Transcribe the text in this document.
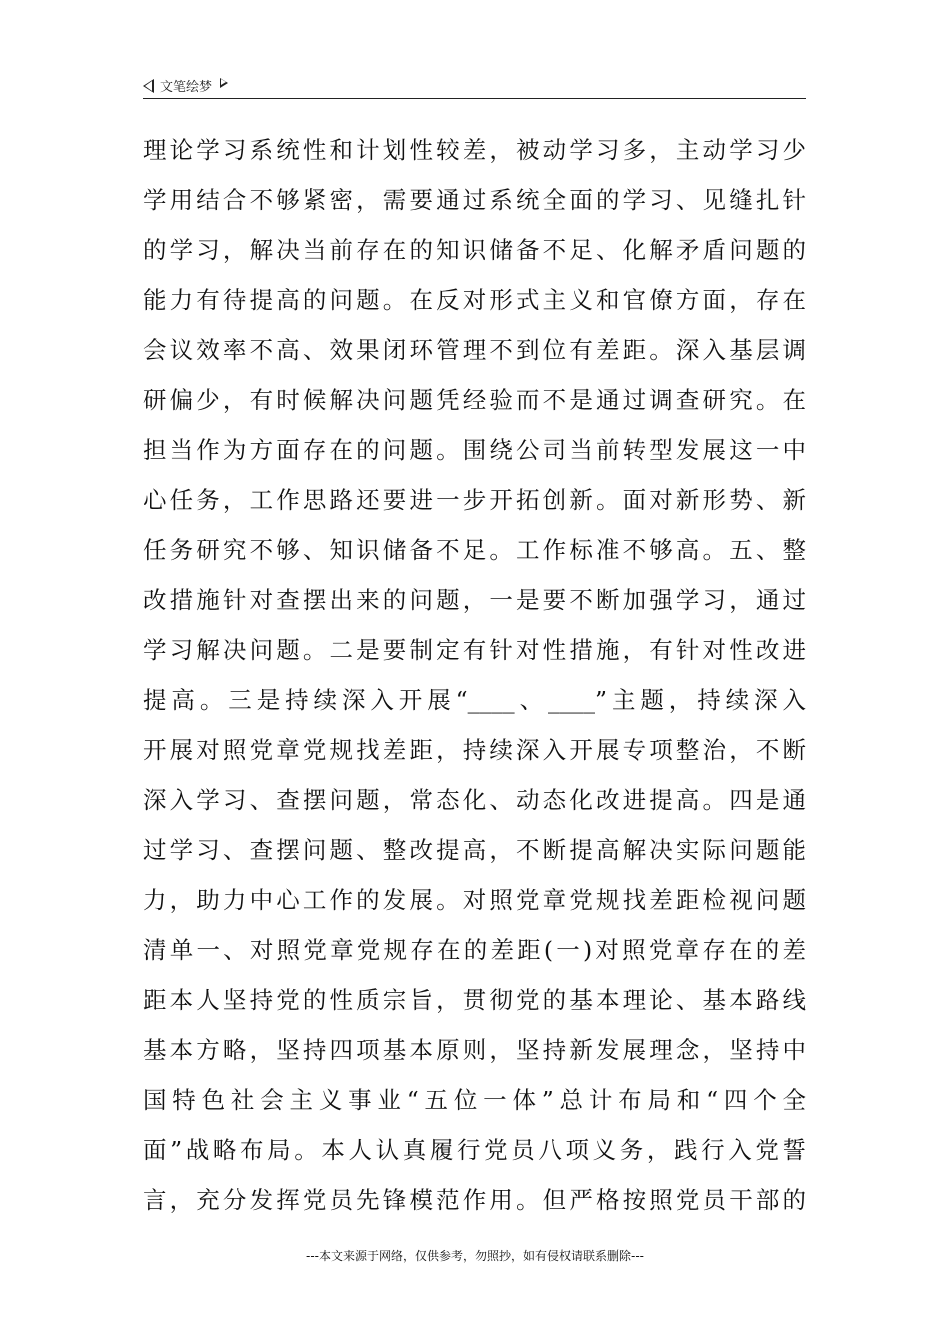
文笔绘梦
理论学习系统性和计划性较差，被动学习多，主动学习少
学用结合不够紧密，需要通过系统全面的学习、见缝扎针
的学习，解决当前存在的知识储备不足、化解矛盾问题的
能力有待提高的问题。在反对形式主义和官僚方面，存在
会议效率不高、效果闭环管理不到位有差距。深入基层调
研偏少，有时候解决问题凭经验而不是通过调查研究。在
担当作为方面存在的问题。围绕公司当前转型发展这一中
心任务，工作思路还要进一步开拓创新。面对新形势、新
任务研究不够、知识储备不足。工作标准不够高。五、整
改措施针对查摆出来的问题，一是要不断加强学习，通过
学习解决问题。二是要制定有针对性措施，有针对性改进
提高。三是持续深入开展“____、____”主题，持续深入
开展对照党章党规找差距，持续深入开展专项整治，不断
深入学习、查摆问题，常态化、动态化改进提高。四是通
过学习、查摆问题、整改提高，不断提高解决实际问题能
力，助力中心工作的发展。对照党章党规找差距检视问题
清单一、对照党章党规存在的差距(一)对照党章存在的差
距本人坚持党的性质宗旨，贯彻党的基本理论、基本路线
基本方略，坚持四项基本原则，坚持新发展理念，坚持中
国特色社会主义事业“五位一体”总计布局和“四个全
面”战略布局。本人认真履行党员八项义务，践行入党誓
言，充分发挥党员先锋模范作用。但严格按照党员干部的
---本文来源于网络，仅供参考，勿照抄，如有侵权请联系删除---
